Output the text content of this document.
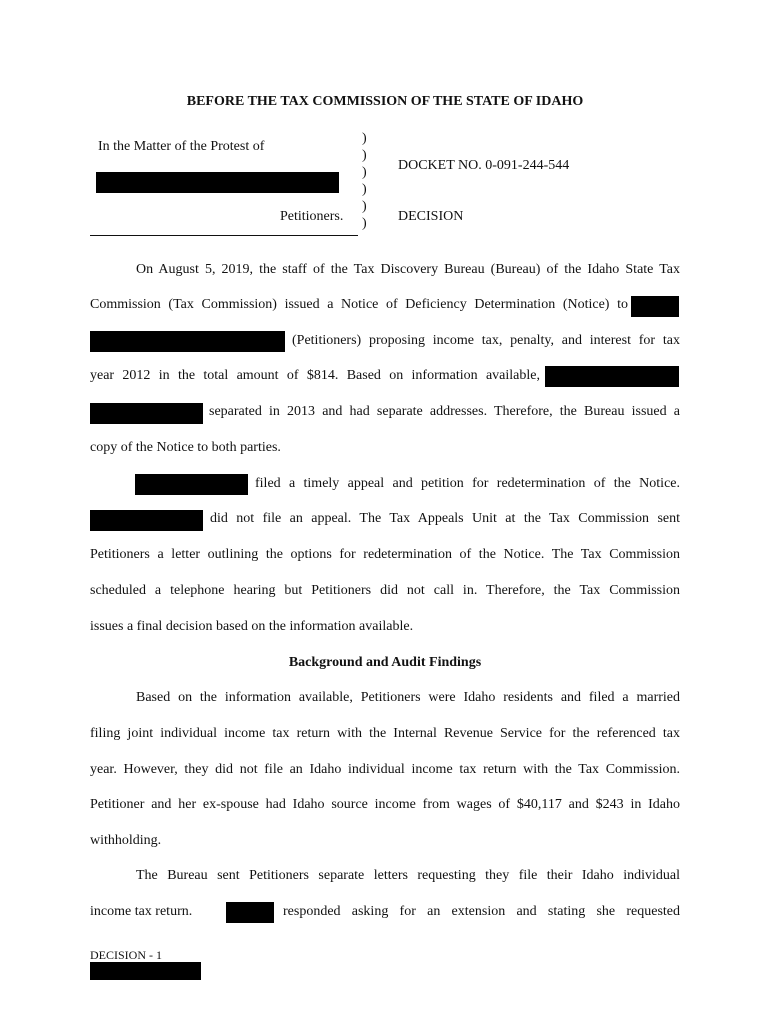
BEFORE THE TAX COMMISSION OF THE STATE OF IDAHO
In the Matter of the Protest of
Petitioners.
)
)
)
)
)
)
DOCKET NO. 0-091-244-544
DECISION
On August 5, 2019, the staff of the Tax Discovery Bureau (Bureau) of the Idaho State Tax
Commission (Tax Commission) issued a Notice of Deficiency Determination (Notice) to
(Petitioners) proposing income tax, penalty, and interest for tax
year 2012 in the total amount of $814. Based on information available,
separated in 2013 and had separate addresses. Therefore, the Bureau issued a
copy of the Notice to both parties.
filed a timely appeal and petition for redetermination of the Notice.
did not file an appeal. The Tax Appeals Unit at the Tax Commission sent
Petitioners a letter outlining the options for redetermination of the Notice. The Tax Commission
scheduled a telephone hearing but Petitioners did not call in. Therefore, the Tax Commission
issues a final decision based on the information available.
Background and Audit Findings
Based on the information available, Petitioners were Idaho residents and filed a married
filing joint individual income tax return with the Internal Revenue Service for the referenced tax
year. However, they did not file an Idaho individual income tax return with the Tax Commission.
Petitioner and her ex-spouse had Idaho source income from wages of $40,117 and $243 in Idaho
withholding.
The Bureau sent Petitioners separate letters requesting they file their Idaho individual
income tax return.	responded asking for an extension and stating she requested
DECISION - 1
